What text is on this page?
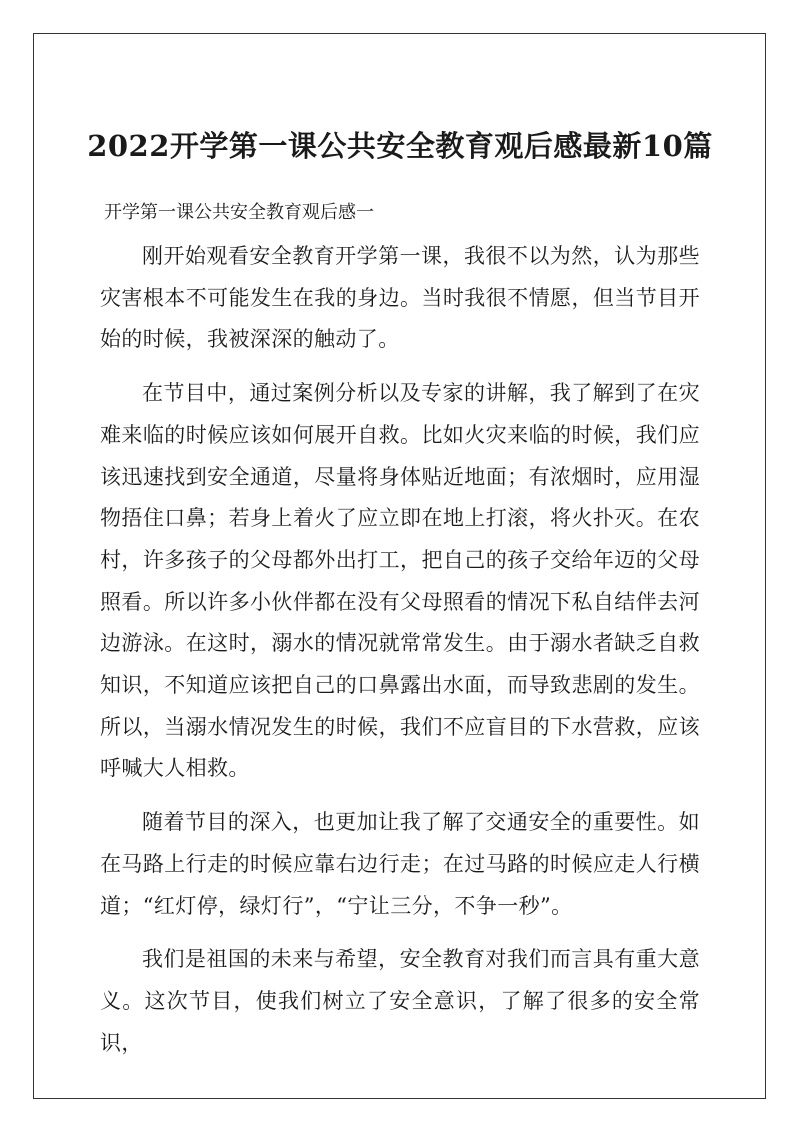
2022开学第一课公共安全教育观后感最新10篇

开学第一课公共安全教育观后感一

刚开始观看安全教育开学第一课，我很不以为然，认为那些灾害根本不可能发生在我的身边。当时我很不情愿，但当节目开始的时候，我被深深的触动了。

在节目中，通过案例分析以及专家的讲解，我了解到了在灾难来临的时候应该如何展开自救。比如火灾来临的时候，我们应该迅速找到安全通道，尽量将身体贴近地面；有浓烟时，应用湿物捂住口鼻；若身上着火了应立即在地上打滚，将火扑灭。在农村，许多孩子的父母都外出打工，把自己的孩子交给年迈的父母照看。所以许多小伙伴都在没有父母照看的情况下私自结伴去河边游泳。在这时，溺水的情况就常常发生。由于溺水者缺乏自救知识，不知道应该把自己的口鼻露出水面，而导致悲剧的发生。所以，当溺水情况发生的时候，我们不应盲目的下水营救，应该呼喊大人相救。

随着节目的深入，也更加让我了解了交通安全的重要性。如在马路上行走的时候应靠右边行走；在过马路的时候应走人行横道；“红灯停，绿灯行”，“宁让三分，不争一秒”。

我们是祖国的未来与希望，安全教育对我们而言具有重大意义。这次节目，使我们树立了安全意识，了解了很多的安全常识，
